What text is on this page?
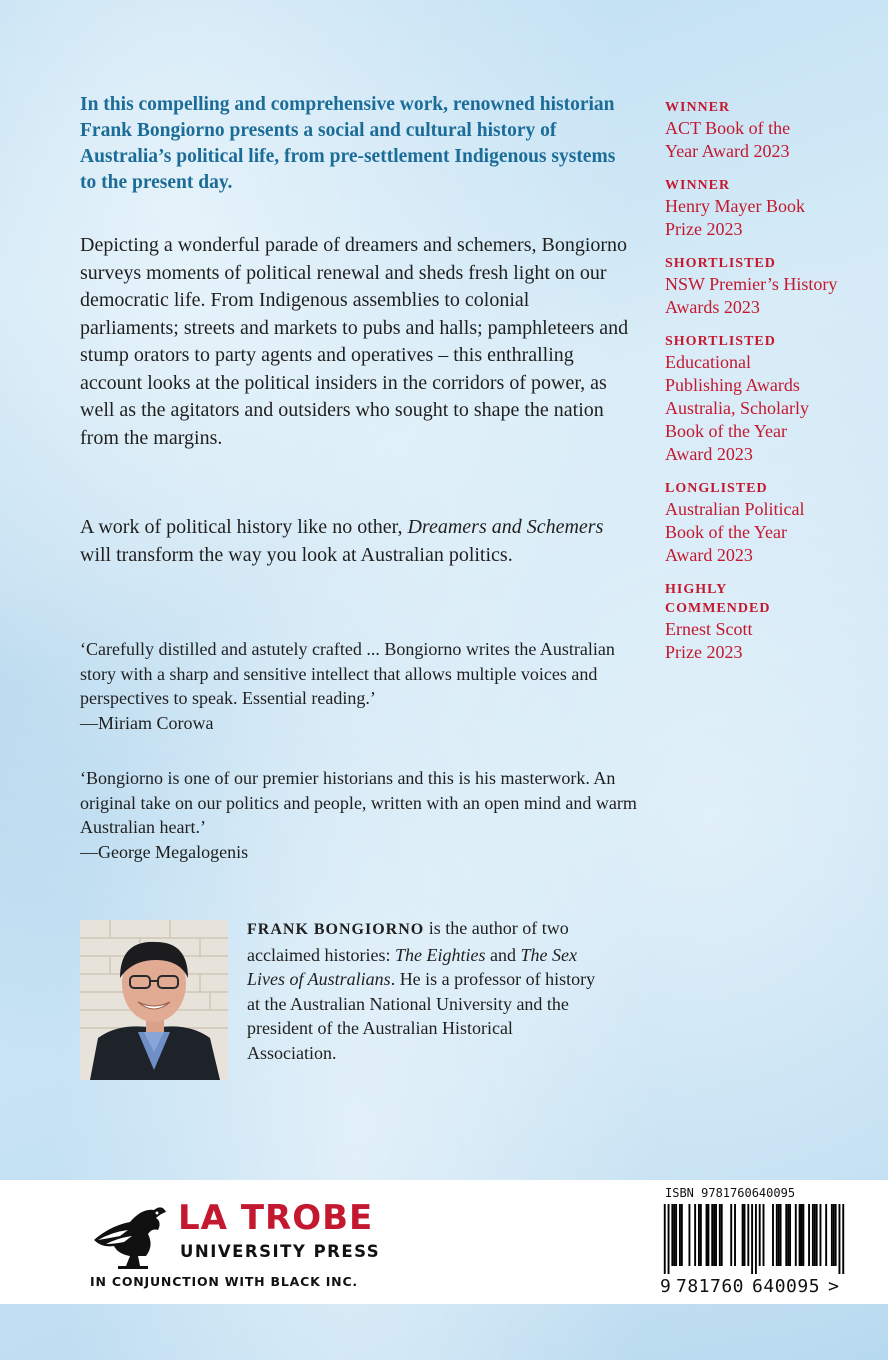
In this compelling and comprehensive work, renowned historian Frank Bongiorno presents a social and cultural history of Australia’s political life, from pre-settlement Indigenous systems to the present day.
Depicting a wonderful parade of dreamers and schemers, Bongiorno surveys moments of political renewal and sheds fresh light on our democratic life. From Indigenous assemblies to colonial parliaments; streets and markets to pubs and halls; pamphleteers and stump orators to party agents and operatives – this enthralling account looks at the political insiders in the corridors of power, as well as the agitators and outsiders who sought to shape the nation from the margins.
A work of political history like no other, Dreamers and Schemers will transform the way you look at Australian politics.
‘Carefully distilled and astutely crafted ... Bongiorno writes the Australian story with a sharp and sensitive intellect that allows multiple voices and perspectives to speak. Essential reading.’
—Miriam Corowa
‘Bongiorno is one of our premier historians and this is his masterwork. An original take on our politics and people, written with an open mind and warm Australian heart.’
—George Megalogenis
WINNER
ACT Book of the Year Award 2023
WINNER
Henry Mayer Book Prize 2023
SHORTLISTED
NSW Premier’s History Awards 2023
SHORTLISTED
Educational Publishing Awards Australia, Scholarly Book of the Year Award 2023
LONGLISTED
Australian Political Book of the Year Award 2023
HIGHLY COMMENDED
Ernest Scott Prize 2023
FRANK BONGIORNO is the author of two acclaimed histories: The Eighties and The Sex Lives of Australians. He is a professor of history at the Australian National University and the president of the Australian Historical Association.
LA TROBE
UNIVERSITY PRESS
IN CONJUNCTION WITH BLACK INC.
ISBN 9781760640095
9 781760 640095 >
